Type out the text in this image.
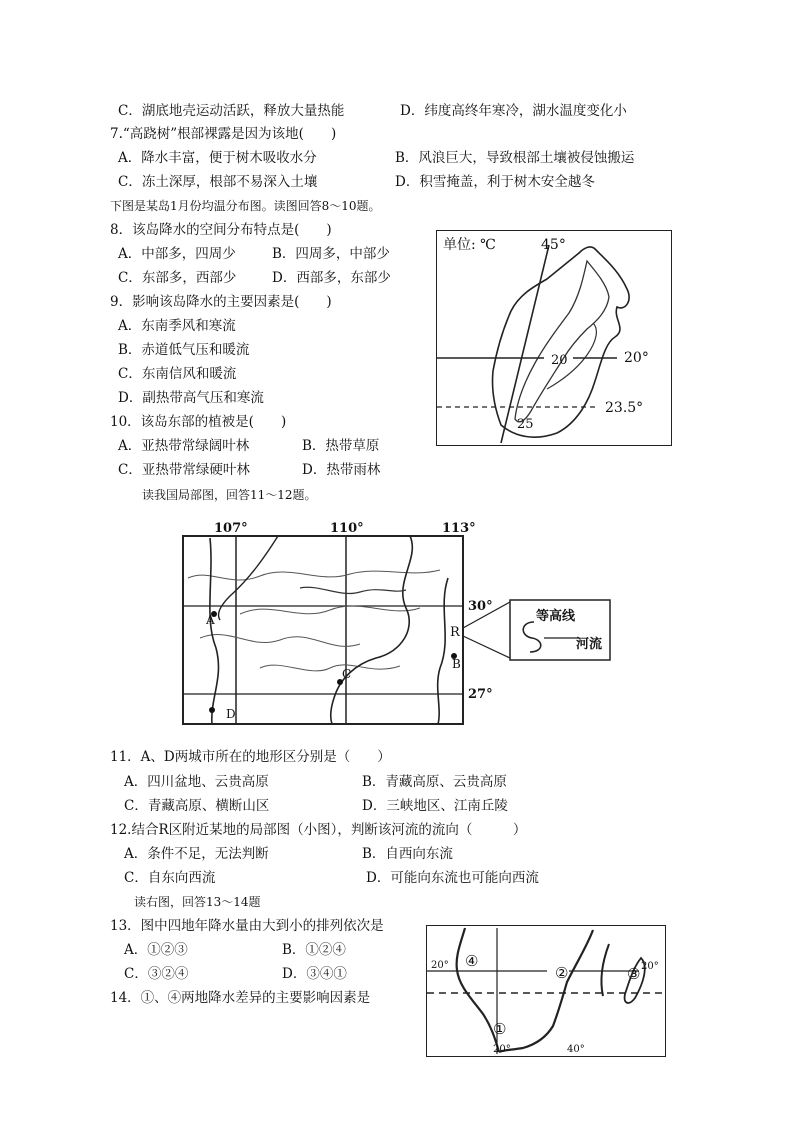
C．湖底地壳运动活跃，释放大量热能	D．纬度高终年寒冷，湖水温度变化小
7.“高跷树”根部裸露是因为该地(　　)
A．降水丰富，便于树木吸收水分	B．风浪巨大，导致根部土壤被侵蚀搬运
C．冻土深厚，根部不易深入土壤	D．积雪掩盖，利于树木安全越冬
下图是某岛1月份均温分布图。读图回答8～10题。
8．该岛降水的空间分布特点是(　　)
A．中部多，四周少	B．四周多，中部少
C．东部多，西部少	D．西部多，东部少
9．影响该岛降水的主要因素是(　　)
A．东南季风和寒流
B．赤道低气压和暖流
C．东南信风和暖流
D．副热带高气压和寒流
10．该岛东部的植被是(　　)
A．亚热带常绿阔叶林	B．热带草原
C．亚热带常绿硬叶林	D．热带雨林
读我国局部图，回答11～12题。
11．A、D两城市所在的地形区分别是（　　）
A．四川盆地、云贵高原	B．青藏高原、云贵高原
C．青藏高原、横断山区	D．三峡地区、江南丘陵
12.结合R区附近某地的局部图（小图），判断该河流的流向（　　　）
A．条件不足，无法判断	B．自西向东流
C．自东向西流	D．可能向东流也可能向西流
读右图，回答13～14题
13．图中四地年降水量由大到小的排列依次是
A．①②③	B．①②④
C．③②④	D．③④①
14．①、④两地降水差异的主要影响因素是
单位: ℃	45°
20°
23.5°
20
25
107°	110°	113°
A
B
C
D
R
30°
27°
等高线
河流
20°	20°
20°	40°
④
②	③
①
